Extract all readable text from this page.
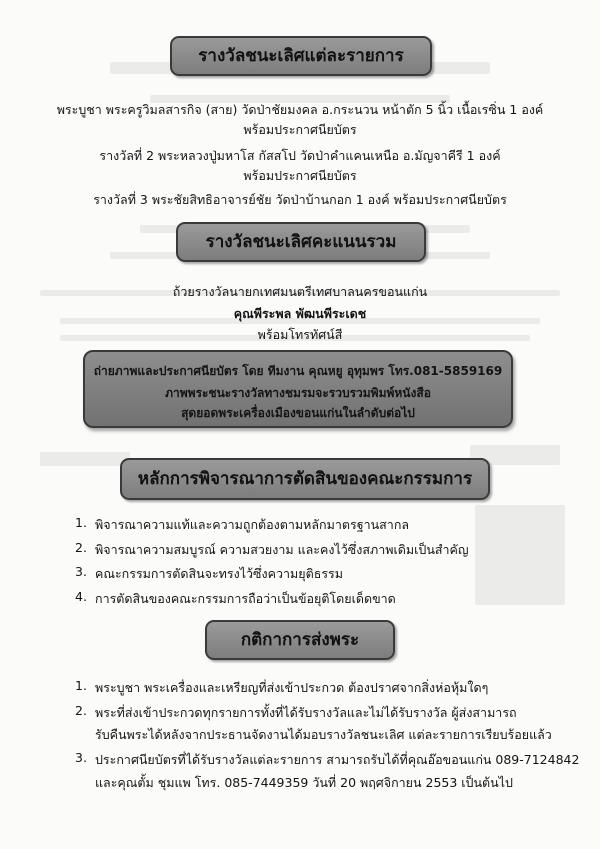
รางวัลชนะเลิศแต่ละรายการ
พระบูชา พระครูวิมลสารกิจ (สาย) วัดป่าชัยมงคล อ.กระนวน หน้าตัก 5 นิ้ว เนื้อเรซิ่น 1 องค์
พร้อมประกาศนียบัตร
รางวัลที่ 2 พระหลวงปู่มหาโส กัสสโป วัดป่าคำแคนเหนือ อ.มัญจาคีรี 1 องค์
พร้อมประกาศนียบัตร
รางวัลที่ 3 พระชัยสิทธิอาจารย์ชัย วัดป่าบ้านกอก 1 องค์ พร้อมประกาศนียบัตร
รางวัลชนะเลิศคะแนนรวม
ถ้วยรางวัลนายกเทศมนตรีเทศบาลนครขอนแก่น
คุณพีระพล พัฒนพีระเดช
พร้อมโทรทัศน์สี
ถ่ายภาพและประกาศนียบัตร โดย ทีมงาน คุณหยู อุทุมพร โทร.081-5859169
ภาพพระชนะรางวัลทางชมรมจะรวบรวมพิมพ์หนังสือ
สุดยอดพระเครื่องเมืองขอนแก่นในลำดับต่อไป
หลักการพิจารณาการตัดสินของคณะกรรมการ
1. พิจารณาความแท้และความถูกต้องตามหลักมาตรฐานสากล
2. พิจารณาความสมบูรณ์ ความสวยงาม และคงไว้ซึ่งสภาพเดิมเป็นสำคัญ
3. คณะกรรมการตัดสินจะทรงไว้ซึ่งความยุติธรรม
4. การตัดสินของคณะกรรมการถือว่าเป็นข้อยุติโดยเด็ดขาด
กติกาการส่งพระ
1. พระบูชา พระเครื่องและเหรียญที่ส่งเข้าประกวด ต้องปราศจากสิ่งห่อหุ้มใดๆ
2. พระที่ส่งเข้าประกวดทุกรายการทั้งที่ได้รับรางวัลและไม่ได้รับรางวัล ผู้ส่งสามารถ
รับคืนพระได้หลังจากประธานจัดงานได้มอบรางวัลชนะเลิศ แต่ละรายการเรียบร้อยแล้ว
3. ประกาศนียบัตรที่ได้รับรางวัลแต่ละรายการ สามารถรับได้ที่คุณอ๊อขอนแก่น 089-7124842
และคุณตั้ม ชุมแพ โทร. 085-7449359 วันที่ 20 พฤศจิกายน 2553 เป็นต้นไป
